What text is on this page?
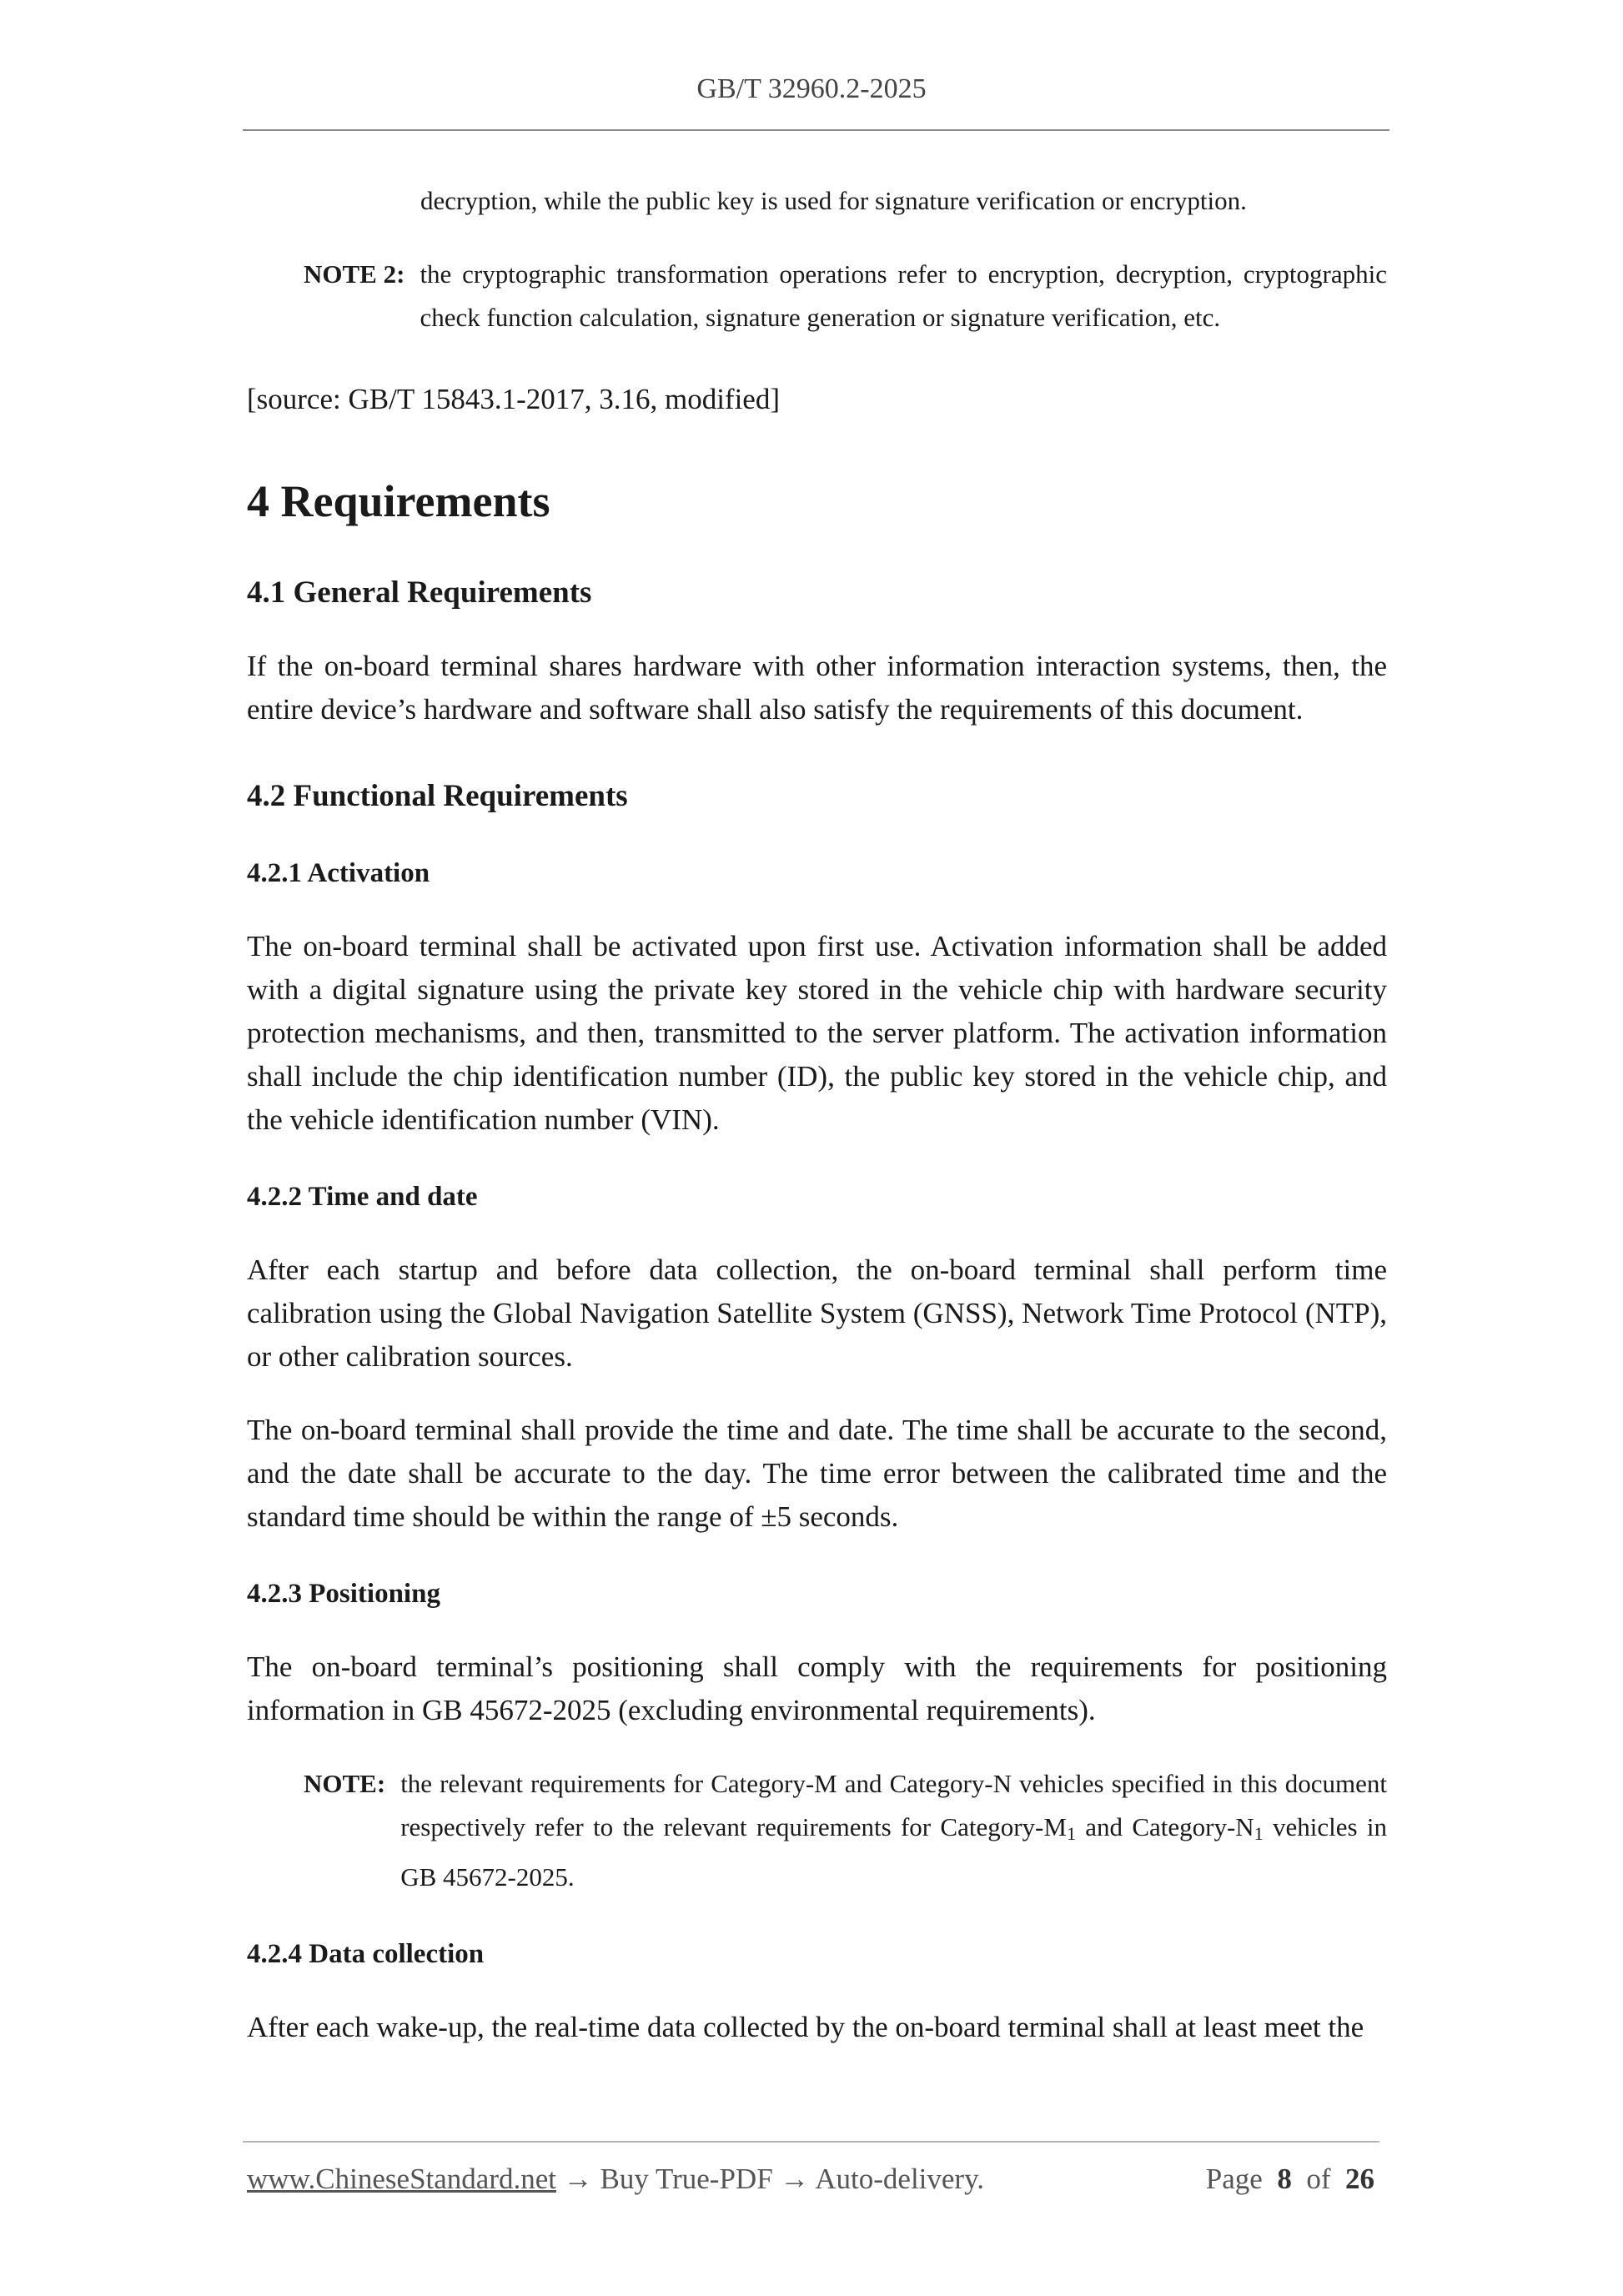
GB/T 32960.2-2025

decryption, while the public key is used for signature verification or encryption.

NOTE 2: the cryptographic transformation operations refer to encryption, decryption, cryptographic check function calculation, signature generation or signature verification, etc.
[source: GB/T 15843.1-2017, 3.16, modified]
4 Requirements
4.1 General Requirements

If the on-board terminal shares hardware with other information interaction systems, then, the entire device’s hardware and software shall also satisfy the requirements of this document.

4.2 Functional Requirements
4.2.1 Activation

The on-board terminal shall be activated upon first use. Activation information shall be added with a digital signature using the private key stored in the vehicle chip with hardware security protection mechanisms, and then, transmitted to the server platform. The activation information shall include the chip identification number (ID), the public key stored in the vehicle chip, and the vehicle identification number (VIN).

4.2.2 Time and date

After each startup and before data collection, the on-board terminal shall perform time calibration using the Global Navigation Satellite System (GNSS), Network Time Protocol (NTP), or other calibration sources.

The on-board terminal shall provide the time and date. The time shall be accurate to the second, and the date shall be accurate to the day. The time error between the calibrated time and the standard time should be within the range of ±5 seconds.

4.2.3 Positioning

The on-board terminal’s positioning shall comply with the requirements for positioning information in GB 45672-2025 (excluding environmental requirements).

NOTE: the relevant requirements for Category-M and Category-N vehicles specified in this document respectively refer to the relevant requirements for Category-$M_1$ and Category-$N_1$ vehicles in GB 45672-2025.
4.2.4 Data collection

After each wake-up, the real-time data collected by the on-board terminal shall at least meet the

www.ChineseStandard.net → Buy True-PDF → Auto-delivery.	Page 8 of 26
